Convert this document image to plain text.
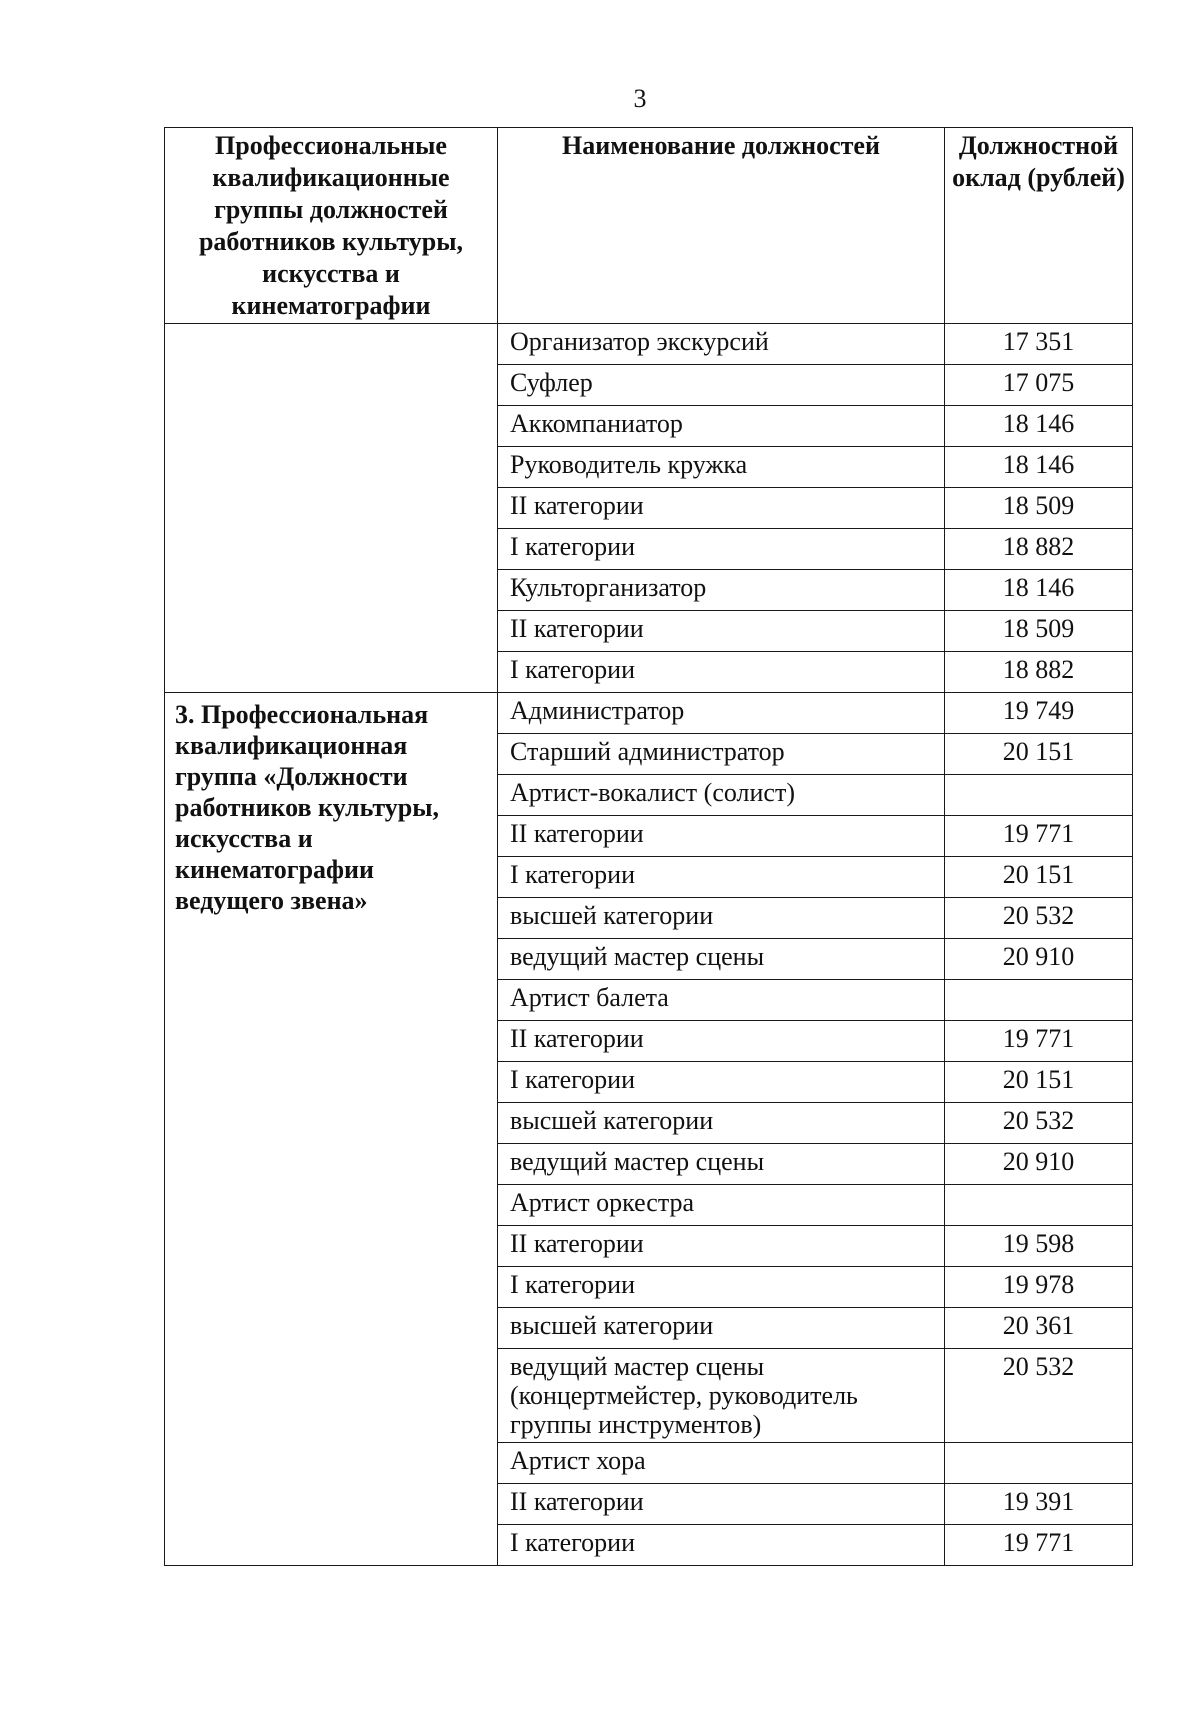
3
Профессиональные квалификационные группы должностей работников культуры, искусства и кинематографии	Наименование должностей	Должностной оклад (рублей)
	Организатор экскурсий	17 351
	Суфлер	17 075
	Аккомпаниатор	18 146
	Руководитель кружка	18 146
	II категории	18 509
	I категории	18 882
	Культорганизатор	18 146
	II категории	18 509
	I категории	18 882
3. Профессиональная квалификационная группа «Должности работников культуры, искусства и кинематографии ведущего звена»	Администратор	19 749
	Старший администратор	20 151
	Артист-вокалист (солист)	
	II категории	19 771
	I категории	20 151
	высшей категории	20 532
	ведущий мастер сцены	20 910
	Артист балета	
	II категории	19 771
	I категории	20 151
	высшей категории	20 532
	ведущий мастер сцены	20 910
	Артист оркестра	
	II категории	19 598
	I категории	19 978
	высшей категории	20 361
	ведущий мастер сцены (концертмейстер, руководитель группы инструментов)	20 532
	Артист хора	
	II категории	19 391
	I категории	19 771
